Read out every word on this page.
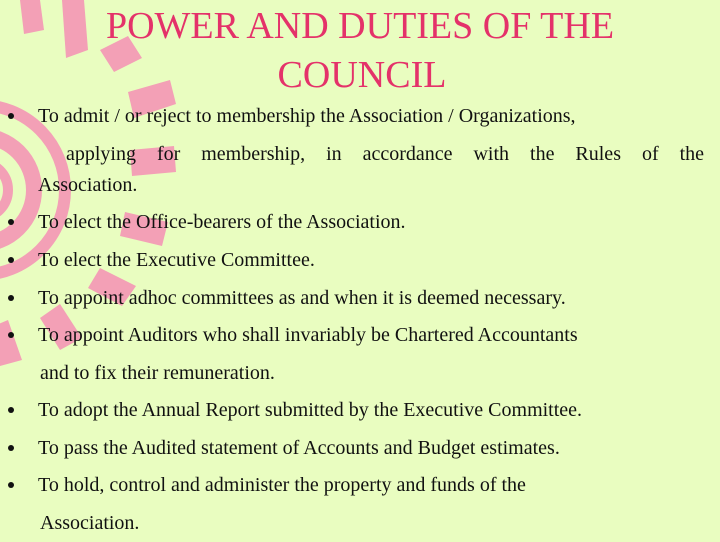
POWER AND DUTIES OF THE
COUNCIL
To admit / or reject to membership the Association / Organizations,
applying for membership, in accordance with the Rules of the
Association.
To elect the Office-bearers of the Association.
To elect the Executive Committee.
To appoint adhoc committees as and when it is deemed necessary.
To appoint Auditors who shall invariably be Chartered Accountants
and to fix their remuneration.
To adopt the Annual Report submitted by the Executive Committee.
To pass the Audited statement of Accounts and Budget estimates.
To hold, control and administer the property and funds of the
Association.
